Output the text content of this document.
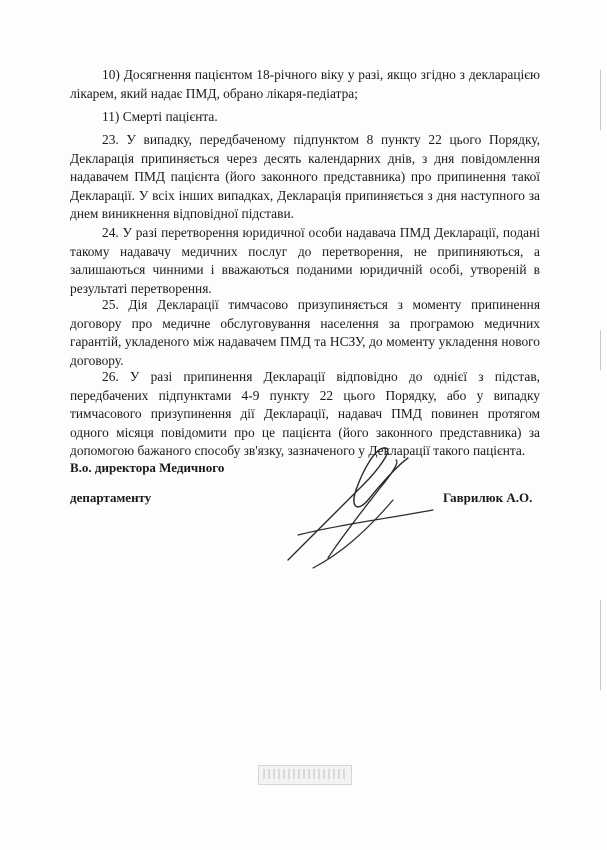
10) Досягнення пацієнтом 18-річного віку у разі, якщо згідно з декларацією лікарем, який надає ПМД, обрано лікаря-педіатра;

11) Смерті пацієнта.

23. У випадку, передбаченому підпунктом 8 пункту 22 цього Порядку, Декларація припиняється через десять календарних днів, з дня повідомлення надавачем ПМД пацієнта (його законного представника) про припинення такої Декларації. У всіх інших випадках, Декларація припиняється з дня наступного за днем виникнення відповідної підстави.

24. У разі перетворення юридичної особи надавача ПМД Декларації, подані такому надавачу медичних послуг до перетворення, не припиняються, а залишаються чинними і вважаються поданими юридичній особі, утвореній в результаті перетворення.

25. Дія Декларації тимчасово призупиняється з моменту припинення договору про медичне обслуговування населення за програмою медичних гарантій, укладеного між надавачем ПМД та НСЗУ, до моменту укладення нового договору.

26. У разі припинення Декларації відповідно до однієї з підстав, передбачених підпунктами 4-9 пункту 22 цього Порядку, або у випадку тимчасового призупинення дії Декларації, надавач ПМД повинен протягом одного місяця повідомити про це пацієнта (його законного представника) за допомогою бажаного способу зв'язку, зазначеного у Декларації такого пацієнта.

В.о. директора Медичного
департаменту	Гаврилюк А.О.
